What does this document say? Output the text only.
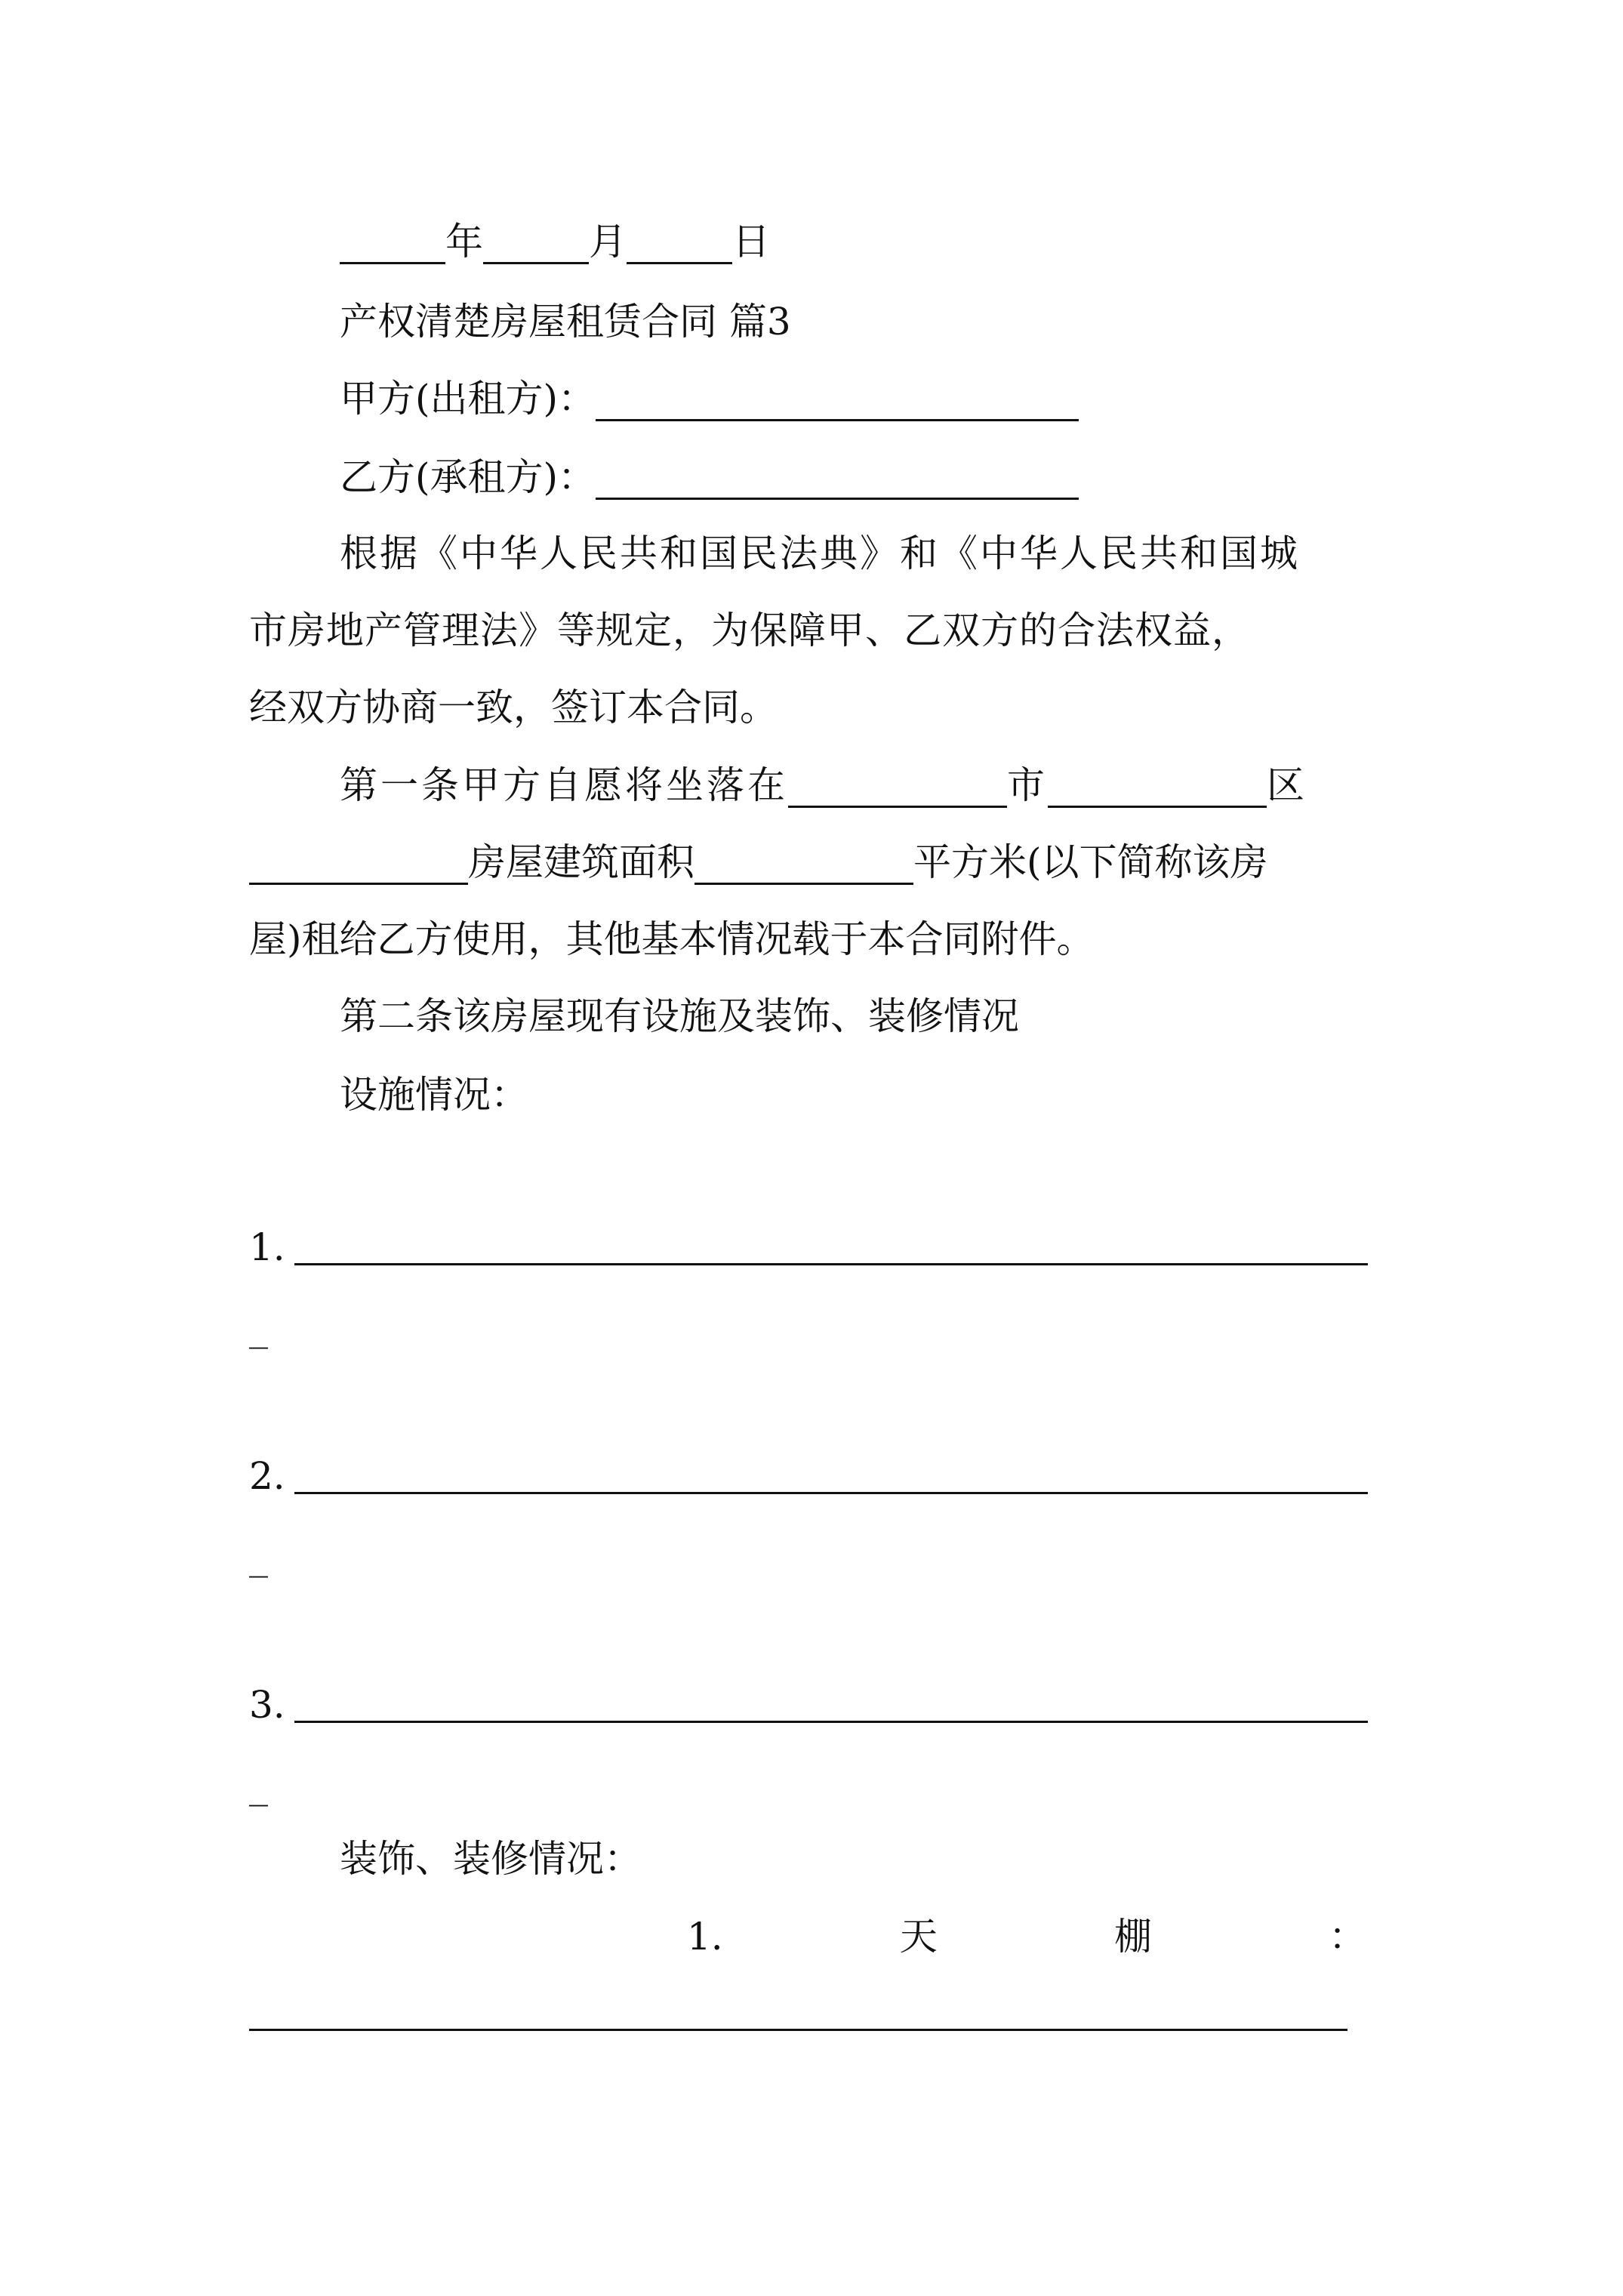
年	月	日
产权清楚房屋租赁合同 篇3
甲方(出租方)：
乙方(承租方)：
根据《中华人民共和国民法典》和《中华人民共和国城
市房地产管理法》等规定，为保障甲、乙双方的合法权益，
经双方协商一致，签订本合同。
第一条甲方自愿将坐落在	市	区
房屋建筑面积	平方米(以下简称该房
屋)租给乙方使用，其他基本情况载于本合同附件。
第二条该房屋现有设施及装饰、装修情况
设施情况：
1.
_
2.
_
3.
_
装饰、装修情况：
1.	天	棚	：
